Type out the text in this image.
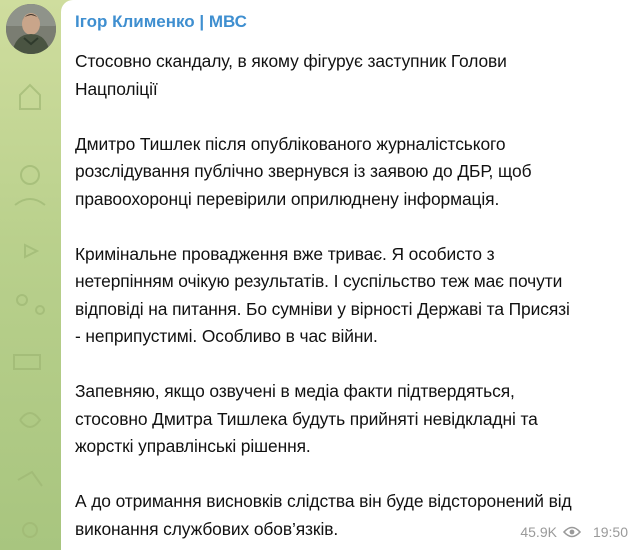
Ігор Клименко | МВС
Стосовно скандалу, в якому фігурує заступник Голови
Нацполіції
Дмитро Тишлек після опублікованого журналістського
розслідування публічно звернувся із заявою до ДБР, щоб
правоохоронці перевірили оприлюднену інформація.
Кримінальне провадження вже триває. Я особисто з
нетерпінням очікую результатів. І суспільство теж має почути
відповіді на питання. Бо сумніви у вірності Державі та Присязі
- неприпустимі. Особливо в час війни.
Запевняю, якщо озвучені в медіа факти підтвердяться,
стосовно Дмитра Тишлека будуть прийняті невідкладні та
жорсткі управлінські рішення.
А до отримання висновків слідства він буде відсторонений від
виконання службових обов’язків.	45.9K	19:50
